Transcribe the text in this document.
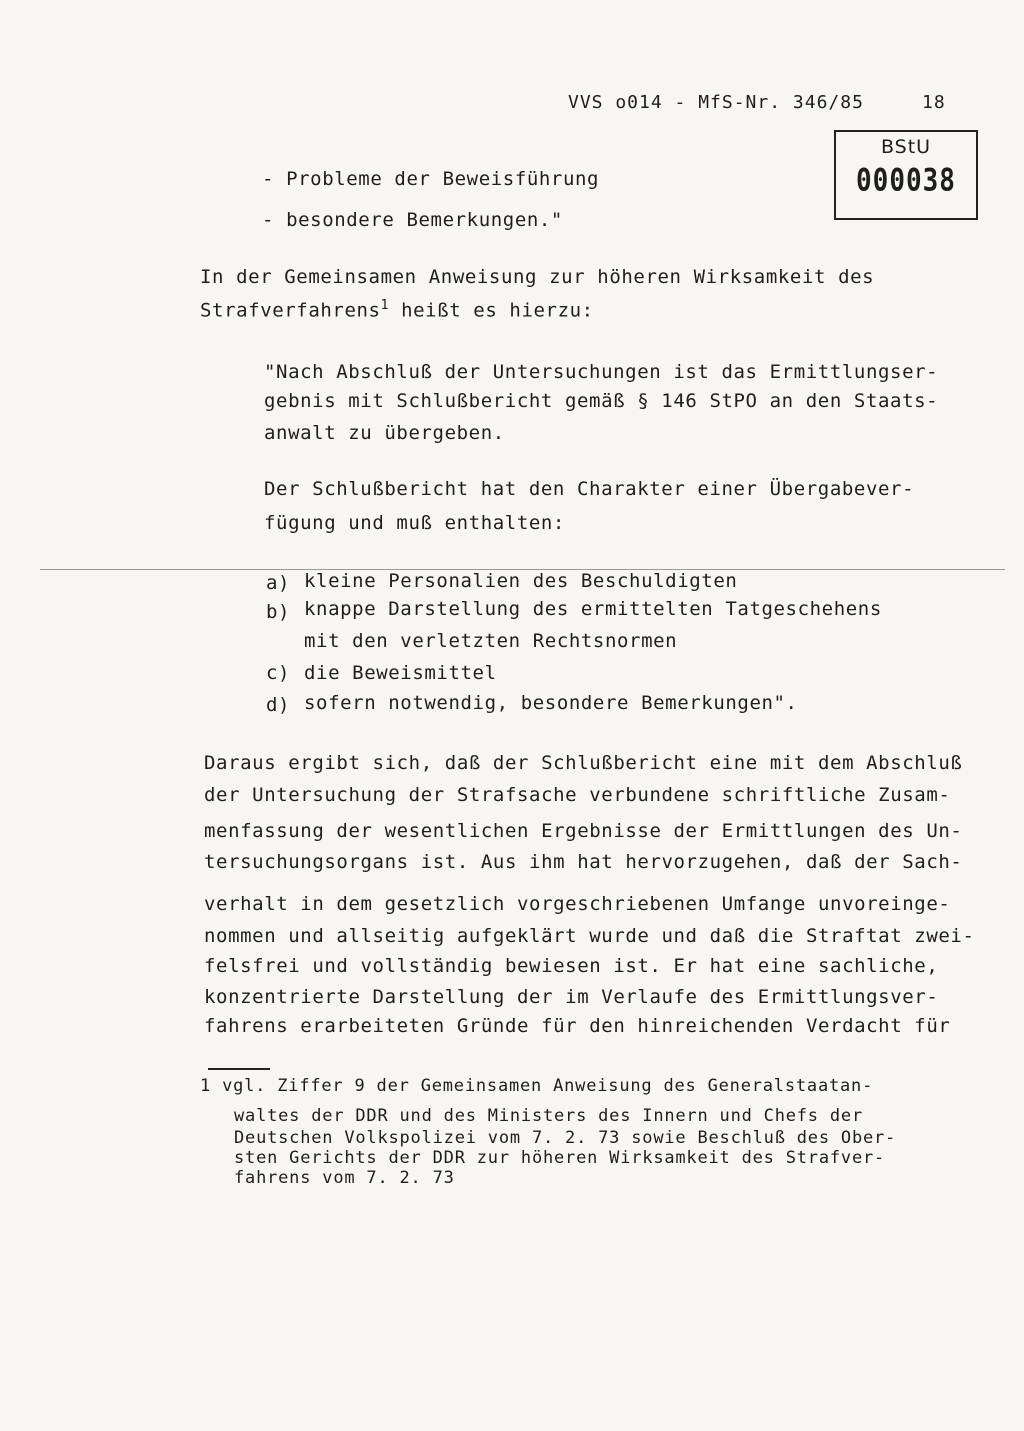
VVS o014 - MfS-Nr. 346/85	18
BStU
000038
- Probleme der Beweisführung
- besondere Bemerkungen."
In der Gemeinsamen Anweisung zur höheren Wirksamkeit des
Strafverfahrens$^1$ heißt es hierzu:
"Nach Abschluß der Untersuchungen ist das Ermittlungser-
gebnis mit Schlußbericht gemäß § 146 StPO an den Staats-
anwalt zu übergeben.
Der Schlußbericht hat den Charakter einer Übergabever-
fügung und muß enthalten:
a) kleine Personalien des Beschuldigten
b) knappe Darstellung des ermittelten Tatgeschehens
mit den verletzten Rechtsnormen
c) die Beweismittel
d) sofern notwendig, besondere Bemerkungen".
Daraus ergibt sich, daß der Schlußbericht eine mit dem Abschluß
der Untersuchung der Strafsache verbundene schriftliche Zusam-
menfassung der wesentlichen Ergebnisse der Ermittlungen des Un-
tersuchungsorgans ist. Aus ihm hat hervorzugehen, daß der Sach-
verhalt in dem gesetzlich vorgeschriebenen Umfange unvoreinge-
nommen und allseitig aufgeklärt wurde und daß die Straftat zwei-
felsfrei und vollständig bewiesen ist. Er hat eine sachliche,
konzentrierte Darstellung der im Verlaufe des Ermittlungsver-
fahrens erarbeiteten Gründe für den hinreichenden Verdacht für
1 vgl. Ziffer 9 der Gemeinsamen Anweisung des Generalstaatan-
waltes der DDR und des Ministers des Innern und Chefs der
Deutschen Volkspolizei vom 7. 2. 73 sowie Beschluß des Ober-
sten Gerichts der DDR zur höheren Wirksamkeit des Strafver-
fahrens vom 7. 2. 73
